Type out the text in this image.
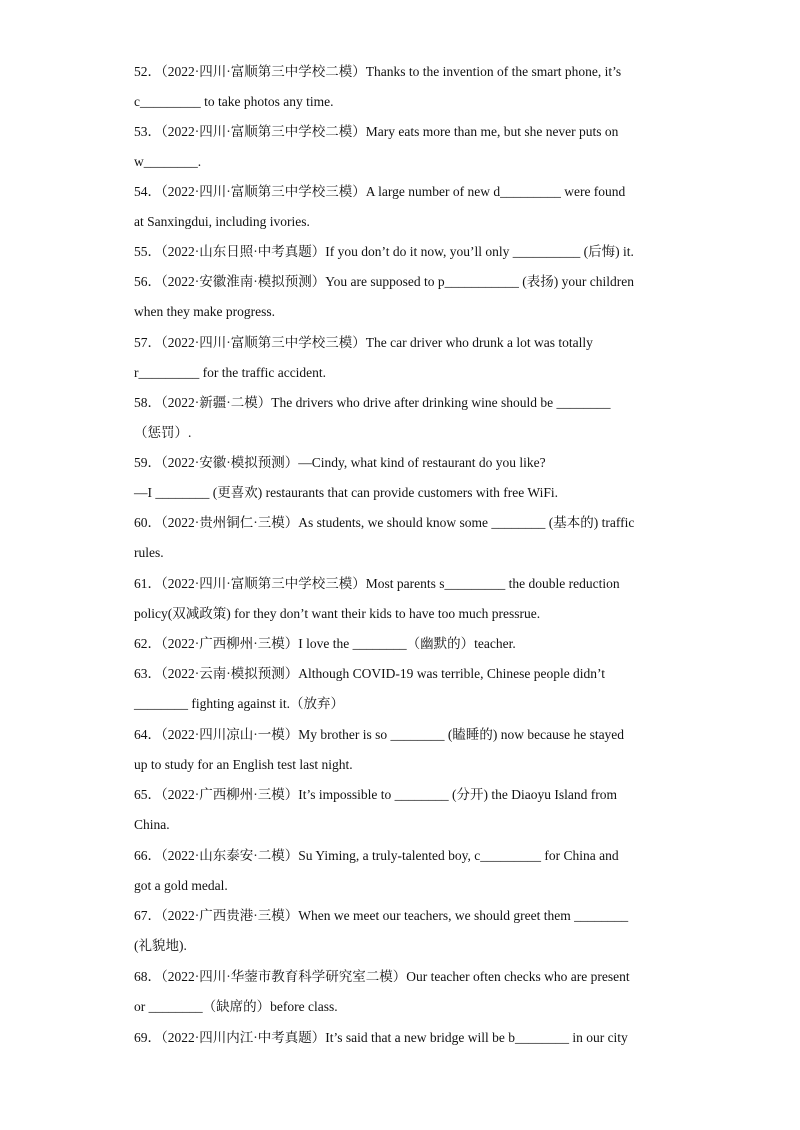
52．（2022·四川·富顺第三中学校二模）Thanks to the invention of the smart phone, it’s
c_________ to take photos any time.
53．（2022·四川·富顺第三中学校二模）Mary eats more than me, but she never puts on
w________.
54．（2022·四川·富顺第三中学校三模）A large number of new d_________ were found
at Sanxingdui, including ivories.
55．（2022·山东日照·中考真题）If you don’t do it now, you’ll only __________ (后悔) it.
56．（2022·安徽淮南·模拟预测）You are supposed to p___________ (表扬) your children
when they make progress.
57．（2022·四川·富顺第三中学校三模）The car driver who drunk a lot was totally
r_________ for the traffic accident.
58．（2022·新疆·二模）The drivers who drive after drinking wine should be ________
（惩罚）.
59．（2022·安徽·模拟预测）—Cindy, what kind of restaurant do you like?
—I ________ (更喜欢) restaurants that can provide customers with free WiFi.
60．（2022·贵州铜仁·三模）As students, we should know some ________ (基本的) traffic
rules.
61．（2022·四川·富顺第三中学校三模）Most parents s_________ the double reduction
policy(双减政策) for they don’t want their kids to have too much pressrue.
62．（2022·广西柳州·三模）I love the ________（幽默的）teacher.
63．（2022·云南·模拟预测）Although COVID-19 was terrible, Chinese people didn’t
________ fighting against it.（放弃）
64．（2022·四川凉山·一模）My brother is so ________ (瞌睡的) now because he stayed
up to study for an English test last night.
65．（2022·广西柳州·三模）It’s impossible to ________ (分开) the Diaoyu Island from
China.
66．（2022·山东泰安·二模）Su Yiming, a truly-talented boy, c_________ for China and
got a gold medal.
67．（2022·广西贵港·三模）When we meet our teachers, we should greet them ________
(礼貌地).
68．（2022·四川·华蓥市教育科学研究室二模）Our teacher often checks who are present
or ________（缺席的）before class.
69．（2022·四川内江·中考真题）It’s said that a new bridge will be b________ in our city
